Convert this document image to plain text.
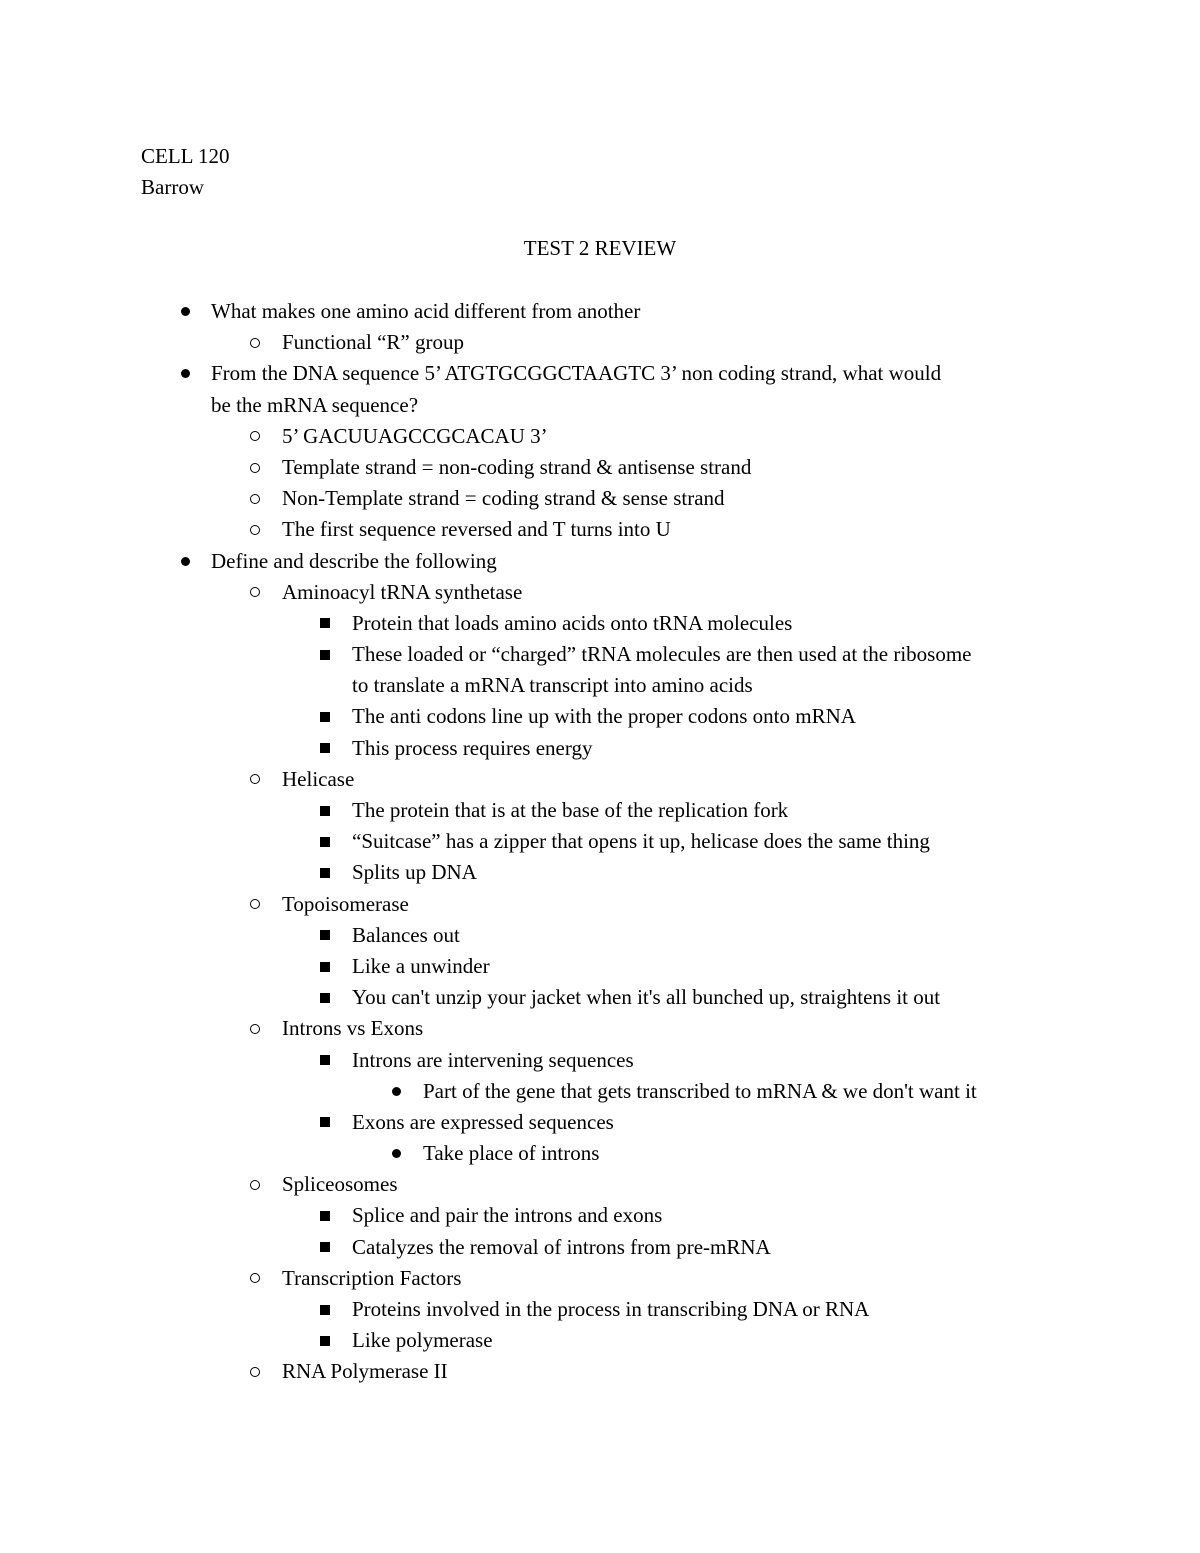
CELL 120
Barrow
TEST 2 REVIEW
What makes one amino acid different from another
Functional “R” group
From the DNA sequence 5’ ATGTGCGGCTAAGTC 3’ non coding strand, what would
be the mRNA sequence?
5’ GACUUAGCCGCACAU 3’
Template strand = non-coding strand & antisense strand
Non-Template strand = coding strand & sense strand
The first sequence reversed and T turns into U
Define and describe the following
Aminoacyl tRNA synthetase
Protein that loads amino acids onto tRNA molecules
These loaded or “charged” tRNA molecules are then used at the ribosome
to translate a mRNA transcript into amino acids
The anti codons line up with the proper codons onto mRNA
This process requires energy
Helicase
The protein that is at the base of the replication fork
“Suitcase” has a zipper that opens it up, helicase does the same thing
Splits up DNA
Topoisomerase
Balances out
Like a unwinder
You can't unzip your jacket when it's all bunched up, straightens it out
Introns vs Exons
Introns are intervening sequences
Part of the gene that gets transcribed to mRNA & we don't want it
Exons are expressed sequences
Take place of introns
Spliceosomes
Splice and pair the introns and exons
Catalyzes the removal of introns from pre-mRNA
Transcription Factors
Proteins involved in the process in transcribing DNA or RNA
Like polymerase
RNA Polymerase II
